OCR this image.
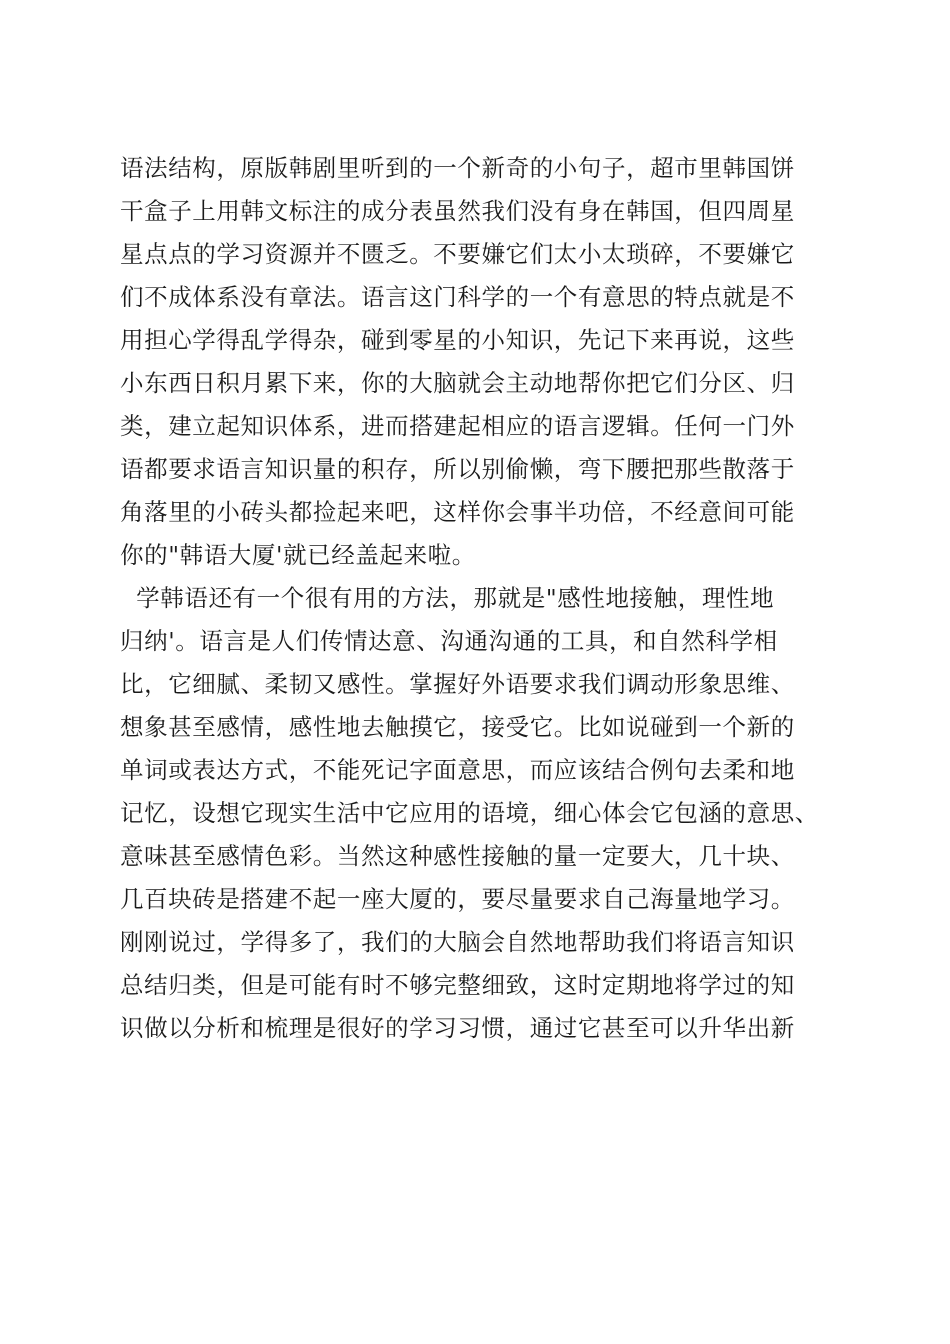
语法结构，原版韩剧里听到的一个新奇的小句子，超市里韩国饼
干盒子上用韩文标注的成分表虽然我们没有身在韩国，但四周星
星点点的学习资源并不匮乏。不要嫌它们太小太琐碎，不要嫌它
们不成体系没有章法。语言这门科学的一个有意思的特点就是不
用担心学得乱学得杂，碰到零星的小知识，先记下来再说，这些
小东西日积月累下来，你的大脑就会主动地帮你把它们分区、归
类，建立起知识体系，进而搭建起相应的语言逻辑。任何一门外
语都要求语言知识量的积存，所以别偷懒，弯下腰把那些散落于
角落里的小砖头都捡起来吧，这样你会事半功倍，不经意间可能
你的"韩语大厦'就已经盖起来啦。
学韩语还有一个很有用的方法，那就是"感性地接触，理性地
归纳'。语言是人们传情达意、沟通沟通的工具，和自然科学相
比，它细腻、柔韧又感性。掌握好外语要求我们调动形象思维、
想象甚至感情，感性地去触摸它，接受它。比如说碰到一个新的
单词或表达方式，不能死记字面意思，而应该结合例句去柔和地
记忆，设想它现实生活中它应用的语境，细心体会它包涵的意思、
意味甚至感情色彩。当然这种感性接触的量一定要大，几十块、
几百块砖是搭建不起一座大厦的，要尽量要求自己海量地学习。
刚刚说过，学得多了，我们的大脑会自然地帮助我们将语言知识
总结归类，但是可能有时不够完整细致，这时定期地将学过的知
识做以分析和梳理是很好的学习习惯，通过它甚至可以升华出新
